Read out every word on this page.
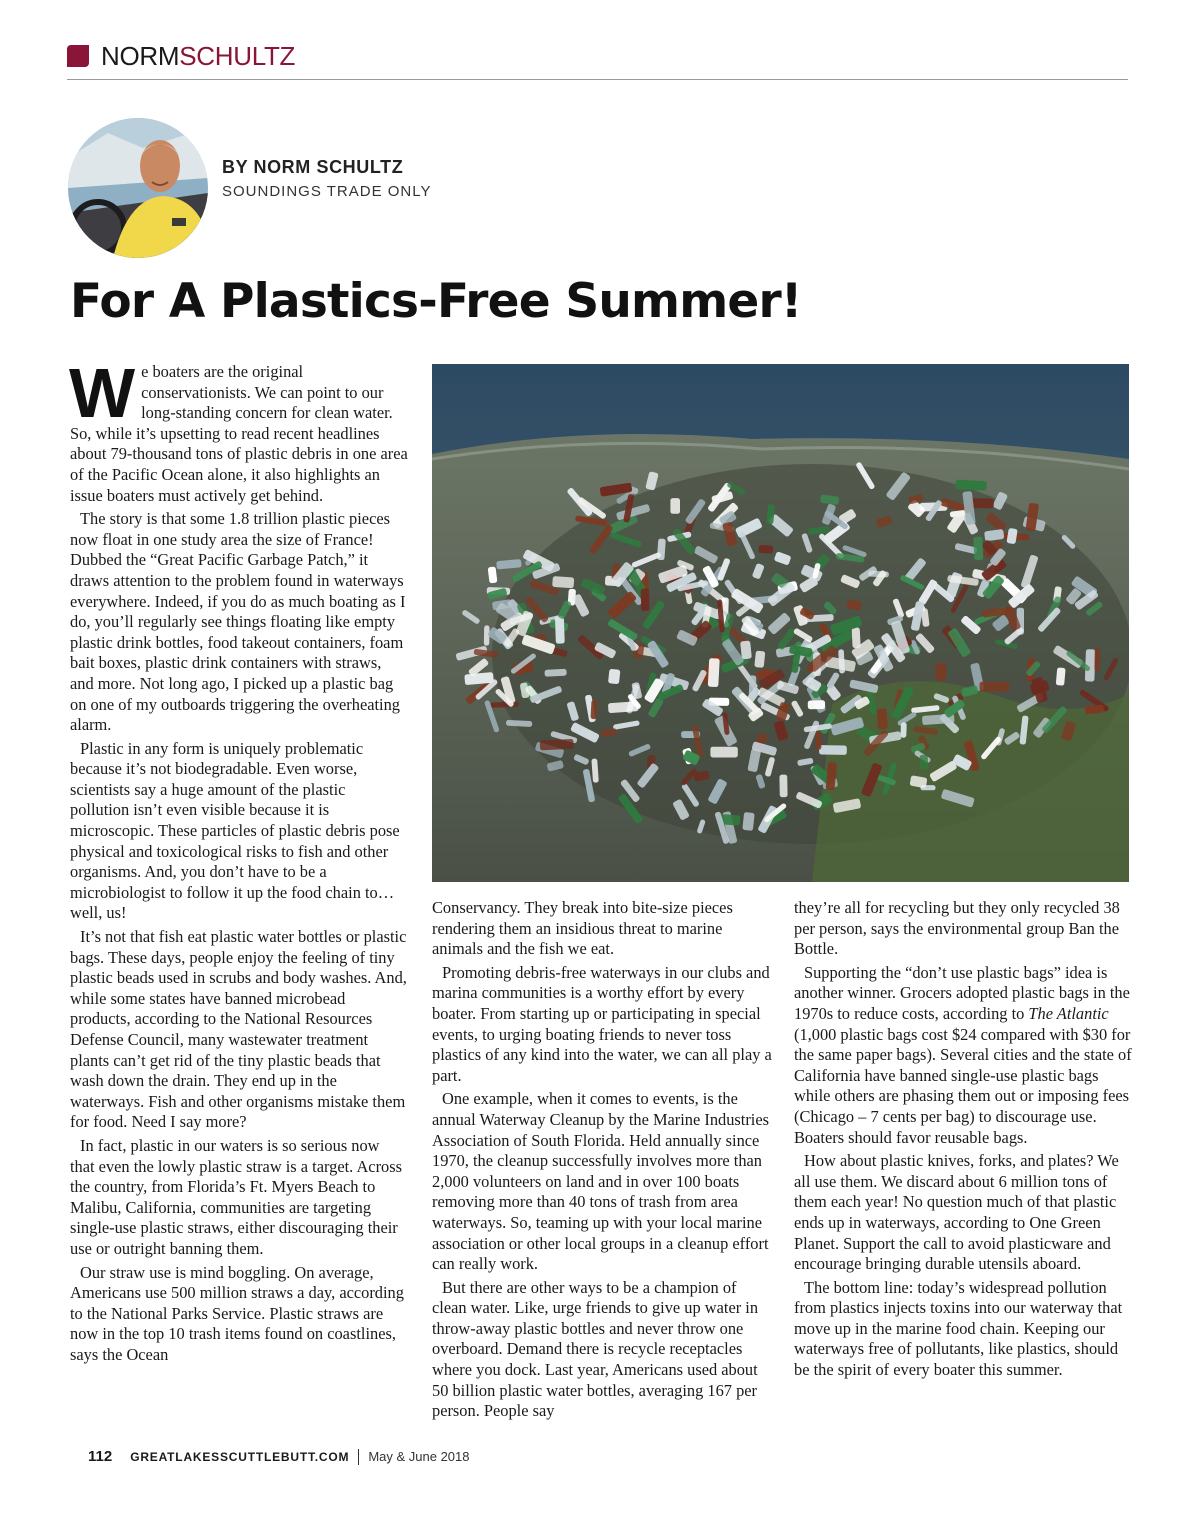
NORMSCHULTZ
BY NORM SCHULTZ
SOUNDINGS TRADE ONLY
For A Plastics-Free Summer!

We boaters are the original conservationists. We can point to our long-standing concern for clean water. So, while it’s upsetting to read recent headlines about 79-thousand tons of plastic debris in one area of the Pacific Ocean alone, it also highlights an issue boaters must actively get behind.

The story is that some 1.8 trillion plastic pieces now float in one study area the size of France! Dubbed the “Great Pacific Garbage Patch,” it draws attention to the problem found in waterways everywhere. Indeed, if you do as much boating as I do, you’ll regularly see things floating like empty plastic drink bottles, food takeout containers, foam bait boxes, plastic drink containers with straws, and more. Not long ago, I picked up a plastic bag on one of my outboards triggering the overheating alarm.

Plastic in any form is uniquely problematic because it’s not biodegradable. Even worse, scientists say a huge amount of the plastic pollution isn’t even visible because it is microscopic. These particles of plastic debris pose physical and toxicological risks to fish and other organisms. And, you don’t have to be a microbiologist to follow it up the food chain to… well, us!

It’s not that fish eat plastic water bottles or plastic bags. These days, people enjoy the feeling of tiny plastic beads used in scrubs and body washes. And, while some states have banned microbead products, according to the National Resources Defense Council, many wastewater treatment plants can’t get rid of the tiny plastic beads that wash down the drain. They end up in the waterways. Fish and other organisms mistake them for food. Need I say more?

In fact, plastic in our waters is so serious now that even the lowly plastic straw is a target. Across the country, from Florida’s Ft. Myers Beach to Malibu, California, communities are targeting single-use plastic straws, either discouraging their use or outright banning them.

Our straw use is mind boggling. On average, Americans use 500 million straws a day, according to the National Parks Service. Plastic straws are now in the top 10 trash items found on coastlines, says the Ocean

Conservancy. They break into bite-size pieces rendering them an insidious threat to marine animals and the fish we eat.

Promoting debris-free waterways in our clubs and marina communities is a worthy effort by every boater. From starting up or participating in special events, to urging boating friends to never toss plastics of any kind into the water, we can all play a part.

One example, when it comes to events, is the annual Waterway Cleanup by the Marine Industries Association of South Florida. Held annually since 1970, the cleanup successfully involves more than 2,000 volunteers on land and in over 100 boats removing more than 40 tons of trash from area waterways. So, teaming up with your local marine association or other local groups in a cleanup effort can really work.

But there are other ways to be a champion of clean water. Like, urge friends to give up water in throw-away plastic bottles and never throw one overboard. Demand there is recycle receptacles where you dock. Last year, Americans used about 50 billion plastic water bottles, averaging 167 per person. People say

they’re all for recycling but they only recycled 38 per person, says the environmental group Ban the Bottle.

Supporting the “don’t use plastic bags” idea is another winner. Grocers adopted plastic bags in the 1970s to reduce costs, according to The Atlantic (1,000 plastic bags cost $24 compared with $30 for the same paper bags). Several cities and the state of California have banned single-use plastic bags while others are phasing them out or imposing fees (Chicago – 7 cents per bag) to discourage use. Boaters should favor reusable bags.

How about plastic knives, forks, and plates? We all use them. We discard about 6 million tons of them each year! No question much of that plastic ends up in waterways, according to One Green Planet. Support the call to avoid plasticware and encourage bringing durable utensils aboard.

The bottom line: today’s widespread pollution from plastics injects toxins into our waterway that move up in the marine food chain. Keeping our waterways free of pollutants, like plastics, should be the spirit of every boater this summer.

112 GREATLAKESSCUTTLEBUTT.COM May & June 2018
